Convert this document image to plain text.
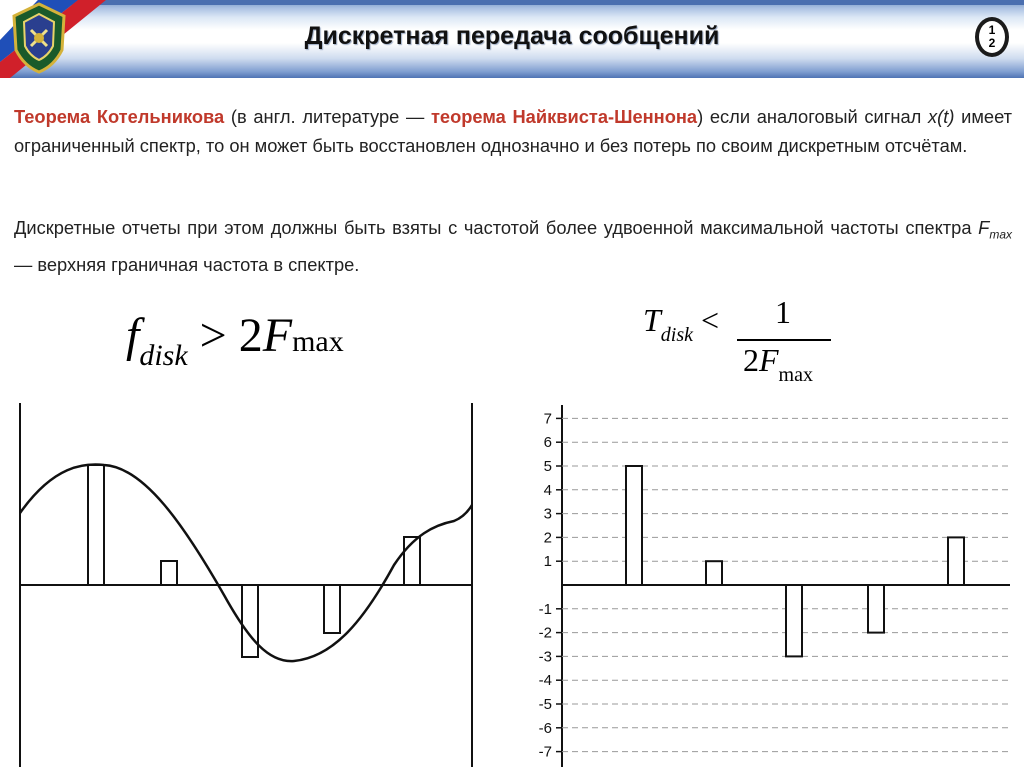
Дискретная передача сообщений	1
2
Теорема Котельникова (в англ. литературе — теорема Найквиста-Шеннона) если аналоговый сигнал x(t) имеет ограниченный спектр, то он может быть восстановлен однозначно и без потерь по своим дискретным отсчётам.
Дискретные отчеты при этом должны быть взяты с частотой более удвоенной максимальной частоты спектра $F_{max}$ — верхняя граничная частота в спектре.
$f_{disk} > 2Fmax$
$T_{disk}$ <	1
$2F_{max}$
7
6
5
4
3
2
1
-1
-2
-3
-4
-5
-6
-7
